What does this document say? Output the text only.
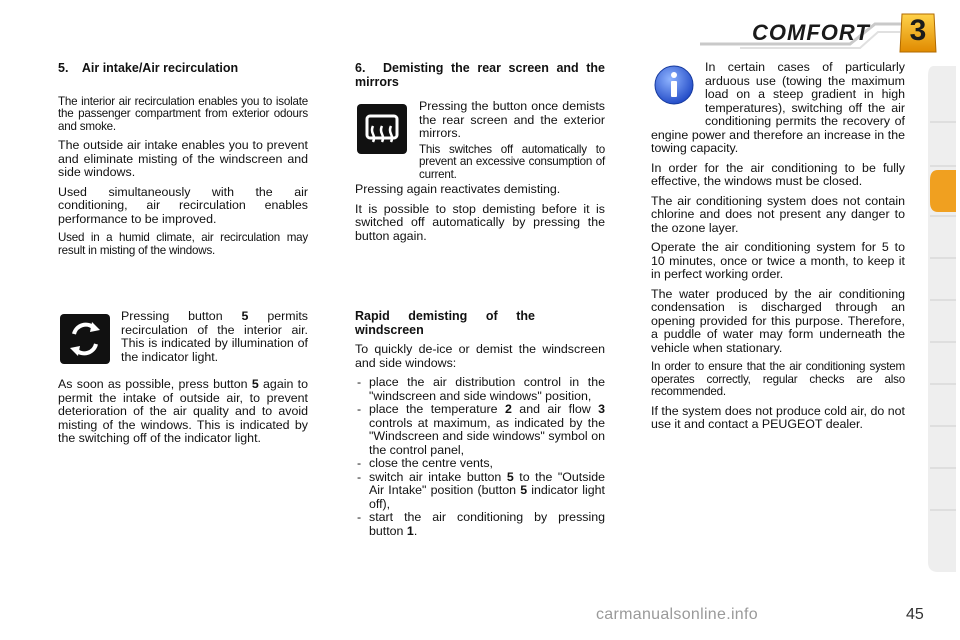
COMFORT	3

5.    Air intake/Air recirculation

The interior air recirculation enables you to isolate the passenger compartment from exterior odours and smoke.

The outside air intake enables you to prevent and eliminate misting of the windscreen and side windows.

Used simultaneously with the air conditioning, air recirculation enables performance to be improved.

Used in a humid climate, air recirculation may result in misting of the windows.

Pressing button 5 permits recirculation of the interior air. This is indicated by illumination of the indicator light.
As soon as possible, press button 5 again to permit the intake of outside air, to prevent deterioration of the air quality and to avoid misting of the windows. This is indicated by the switching off of the indicator light.
6. Demisting the rear screen and the mirrors

Pressing the button once demists the rear screen and the exterior mirrors.

This switches off automatically to prevent an excessive consumption of current.

Pressing again reactivates demisting.

It is possible to stop demisting before it is switched off automatically by pressing the button again.

Rapid demisting of the windscreen

To quickly de-ice or demist the windscreen and side windows:

- place the air distribution control in the "windscreen and side windows" position,
- place the temperature 2 and air flow 3 controls at maximum, as indicated by the "Windscreen and side windows" symbol on the control panel,
- close the centre vents,
- switch air intake button 5 to the "Outside Air Intake" position (button 5 indicator light off),
- start the air conditioning by pressing button 1.

In certain cases of particularly arduous use (towing the maximum load on a steep gradient in high temperatures), switching off the air conditioning permits the recovery of engine power and therefore an increase in the towing capacity.

In order for the air conditioning to be fully effective, the windows must be closed.

The air conditioning system does not contain chlorine and does not present any danger to the ozone layer.

Operate the air conditioning system for 5 to 10 minutes, once or twice a month, to keep it in perfect working order.

The water produced by the air conditioning condensation is discharged through an opening provided for this purpose. Therefore, a puddle of water may form underneath the vehicle when stationary.

In order to ensure that the air conditioning system operates correctly, regular checks are also recommended.

If the system does not produce cold air, do not use it and contact a PEUGEOT dealer.

carmanualsonline.info	45
